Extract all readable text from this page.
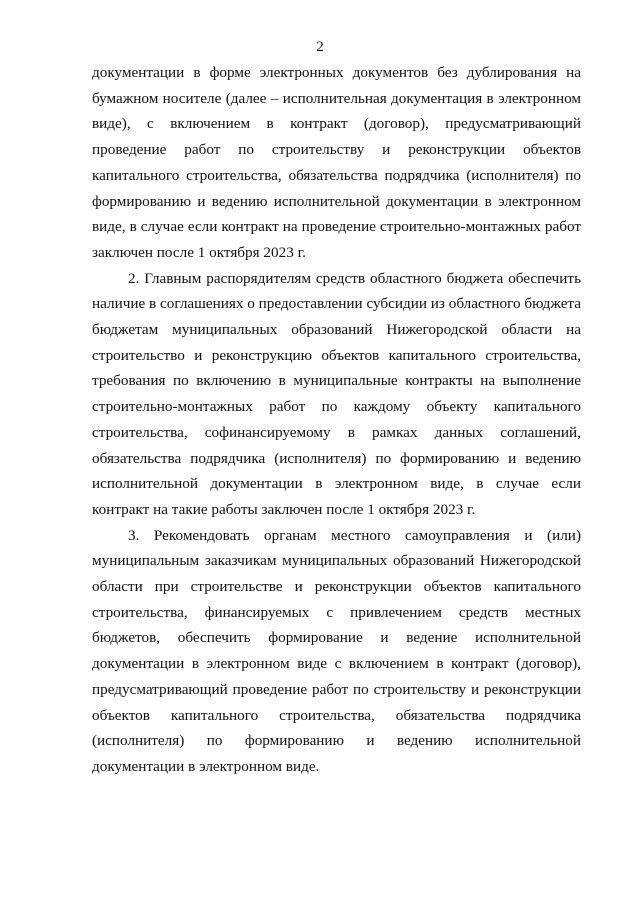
2

документации в форме электронных документов без дублирования на бумажном носителе (далее – исполнительная документация в электронном виде), с включением в контракт (договор), предусматривающий проведение работ по строительству и реконструкции объектов капитального строительства, обязательства подрядчика (исполнителя) по формированию и ведению исполнительной документации в электронном виде, в случае если контракт на проведение строительно-монтажных работ заключен после 1 октября 2023 г.

2. Главным распорядителям средств областного бюджета обеспечить наличие в соглашениях о предоставлении субсидии из областного бюджета бюджетам муниципальных образований Нижегородской области на строительство и реконструкцию объектов капитального строительства, требования по включению в муниципальные контракты на выполнение строительно-монтажных работ по каждому объекту капитального строительства, софинансируемому в рамках данных соглашений, обязательства подрядчика (исполнителя) по формированию и ведению исполнительной документации в электронном виде, в случае если контракт на такие работы заключен после 1 октября 2023 г.

3. Рекомендовать органам местного самоуправления и (или) муниципальным заказчикам муниципальных образований Нижегородской области при строительстве и реконструкции объектов капитального строительства, финансируемых с привлечением средств местных бюджетов, обеспечить формирование и ведение исполнительной документации в электронном виде с включением в контракт (договор), предусматривающий проведение работ по строительству и реконструкции объектов капитального строительства, обязательства подрядчика (исполнителя) по формированию и ведению исполнительной документации в электронном виде.
